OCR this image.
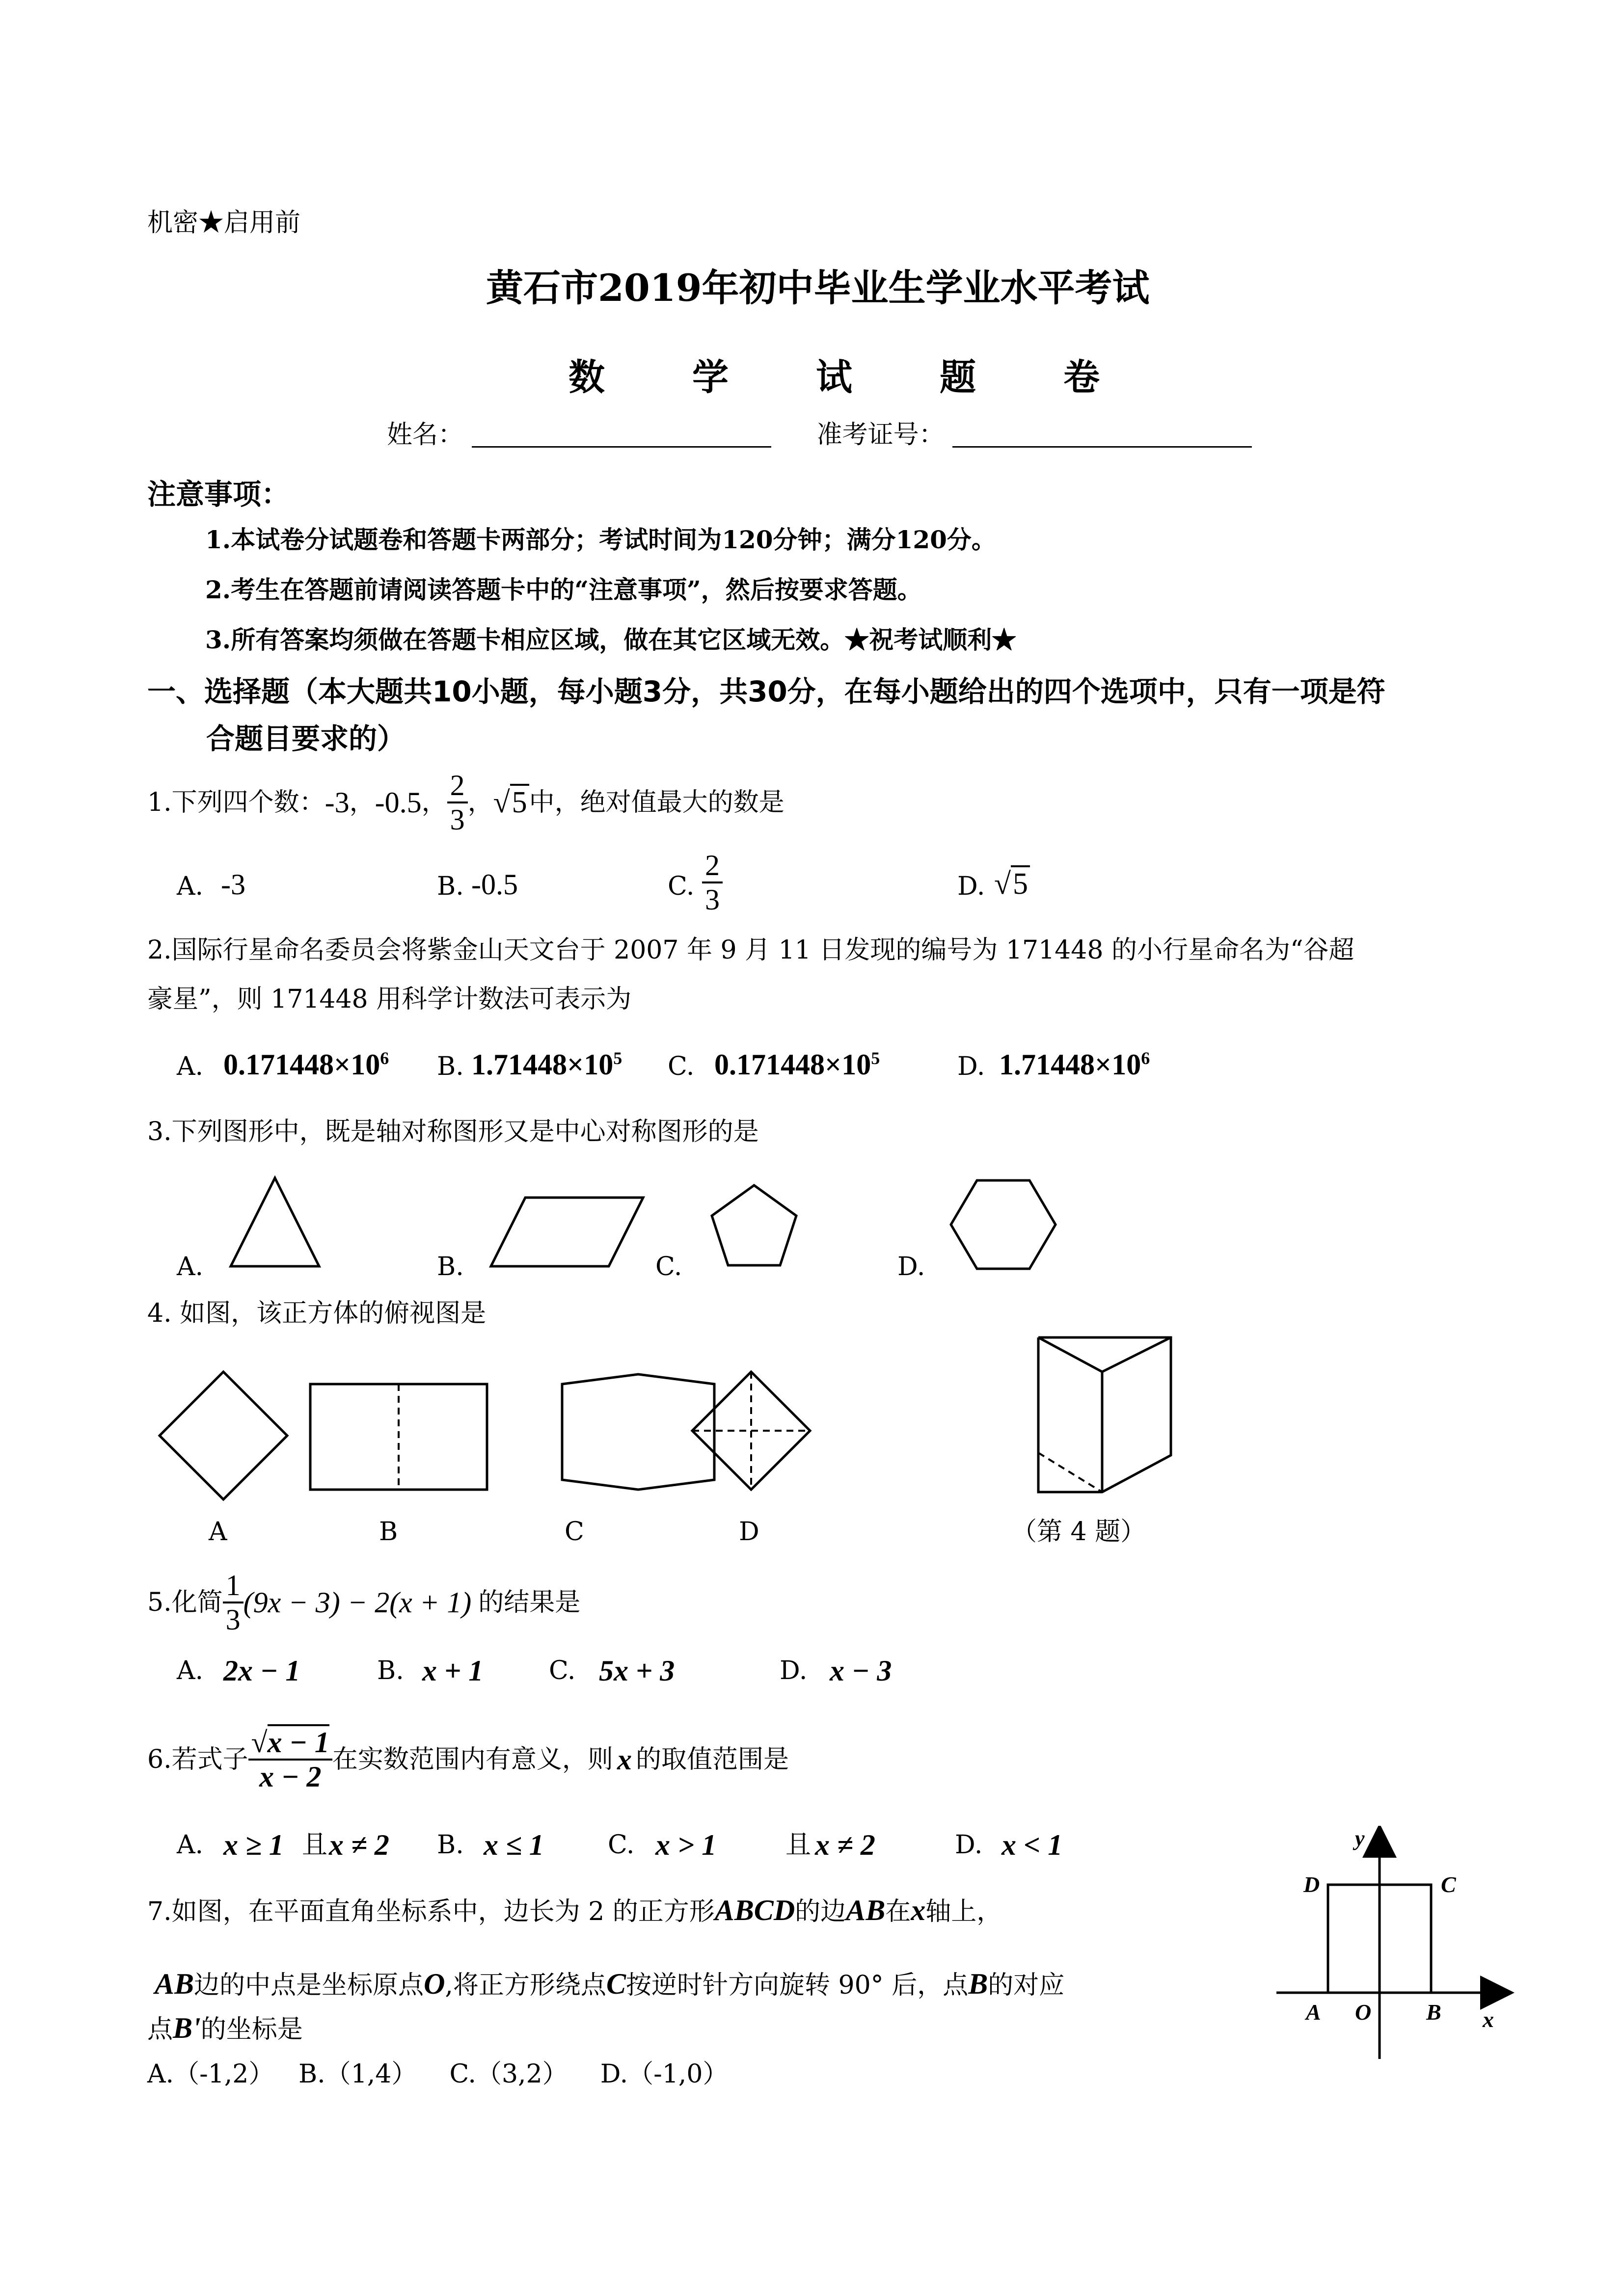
机密★启用前
黄石市2019年初中毕业生学业水平考试
数　　学　　试　　题　　卷
姓名：	准考证号：
注意事项：
1.本试卷分试题卷和答题卡两部分；考试时间为120分钟；满分120分。
2.考生在答题前请阅读答题卡中的“注意事项”，然后按要求答题。
3.所有答案均须做在答题卡相应区域，做在其它区域无效。★祝考试顺利★
一、选择题（本大题共10小题，每小题3分，共30分，在每小题给出的四个选项中，只有一项是符
合题目要求的）
1.下列四个数： -3 ， -0.5 ， $\frac{2}{3}$ ， √5 中，绝对值最大的数是
A. -3	B. -0.5	C. $\frac{2}{3}$	D. √5
2.国际行星命名委员会将紫金山天文台于 2007 年 9 月 11 日发现的编号为 171448 的小行星命名为“谷超
豪星”，则 171448 用科学计数法可表示为
A. $0.171448\times 10^6$ B. $1.71448\times 10^5$ C. $0.171448\times 10^5$	D. $1.71448\times 10^6$
3.下列图形中，既是轴对称图形又是中心对称图形的是
A.	B.	C.	D.
4. 如图，该正方体的俯视图是
A	B	C	D	（第 4 题）
5.化简 $\frac{1}{3} (9x - 3) - 2(x + 1)$ 的结果是
A. 2x − 1	B. x + 1	C. 5x + 3	D. x − 3
6.若式子 $\frac{√x - 1}{x - 2}$ 在实数范围内有意义，则 x 的取值范围是
A. x ≥ 1 且 x ≠ 2 B. x ≤ 1	C. x > 1	且 x ≠ 2	D. x < 1
7.如图，在平面直角坐标系中，边长为 2 的正方形ABCD的边AB在x轴上，
AB边的中点是坐标原点O,将正方形绕点C按逆时针方向旋转 90° 后，点B的对应
点B'的坐标是
A.（-1,2）   B.（1,4）    C.（3,2）    D.（-1,0）
y
D	C
A O B x
